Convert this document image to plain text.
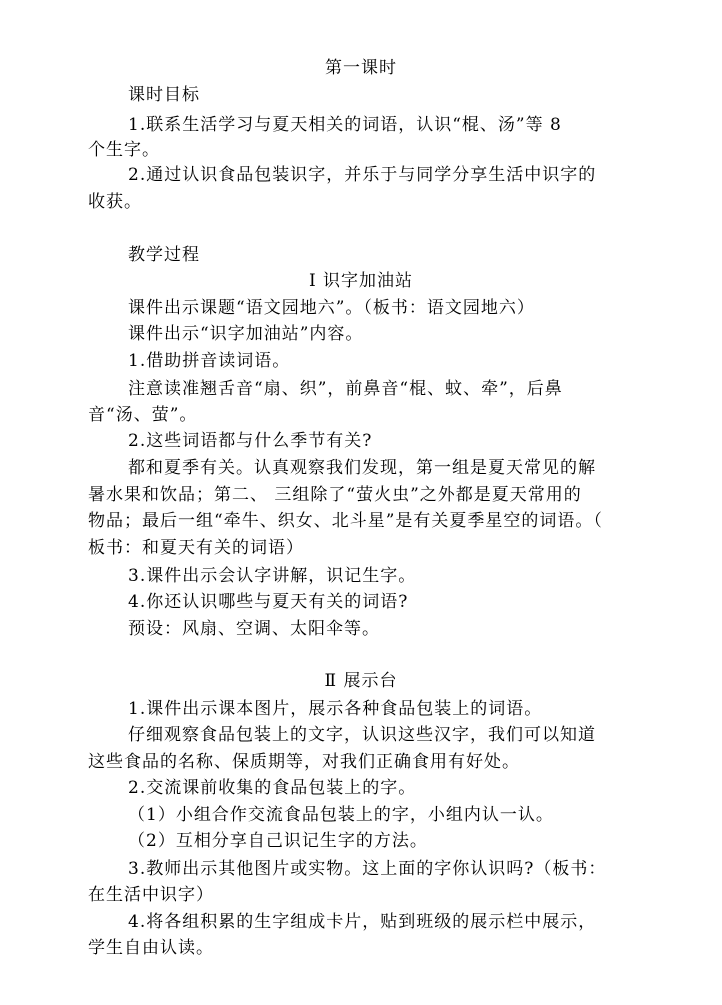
第一课时
课时目标
1.联系生活学习与夏天相关的词语，认识“棍、汤”等 8
个生字。
2.通过认识食品包装识字，并乐于与同学分享生活中识字的
收获。
教学过程
Ⅰ 识字加油站
课件出示课题“语文园地六”。（板书：语文园地六）
课件出示“识字加油站”内容。
1.借助拼音读词语。
注意读准翘舌音“扇、织”，前鼻音“棍、蚊、牵”，后鼻
音“汤、萤”。
2.这些词语都与什么季节有关?
都和夏季有关。认真观察我们发现，第一组是夏天常见的解
暑水果和饮品；第二、 三组除了“萤火虫”之外都是夏天常用的
物品；最后一组“牵牛、织女、北斗星”是有关夏季星空的词语。（
板书：和夏天有关的词语）
3.课件出示会认字讲解，识记生字。
4.你还认识哪些与夏天有关的词语?
预设：风扇、空调、太阳伞等。
Ⅱ 展示台
1.课件出示课本图片，展示各种食品包装上的词语。
仔细观察食品包装上的文字，认识这些汉字，我们可以知道
这些食品的名称、保质期等，对我们正确食用有好处。
2.交流课前收集的食品包装上的字。
（1）小组合作交流食品包装上的字，小组内认一认。
（2）互相分享自己识记生字的方法。
3.教师出示其他图片或实物。这上面的字你认识吗?（板书：
在生活中识字）
4.将各组积累的生字组成卡片，贴到班级的展示栏中展示，
学生自由认读。
